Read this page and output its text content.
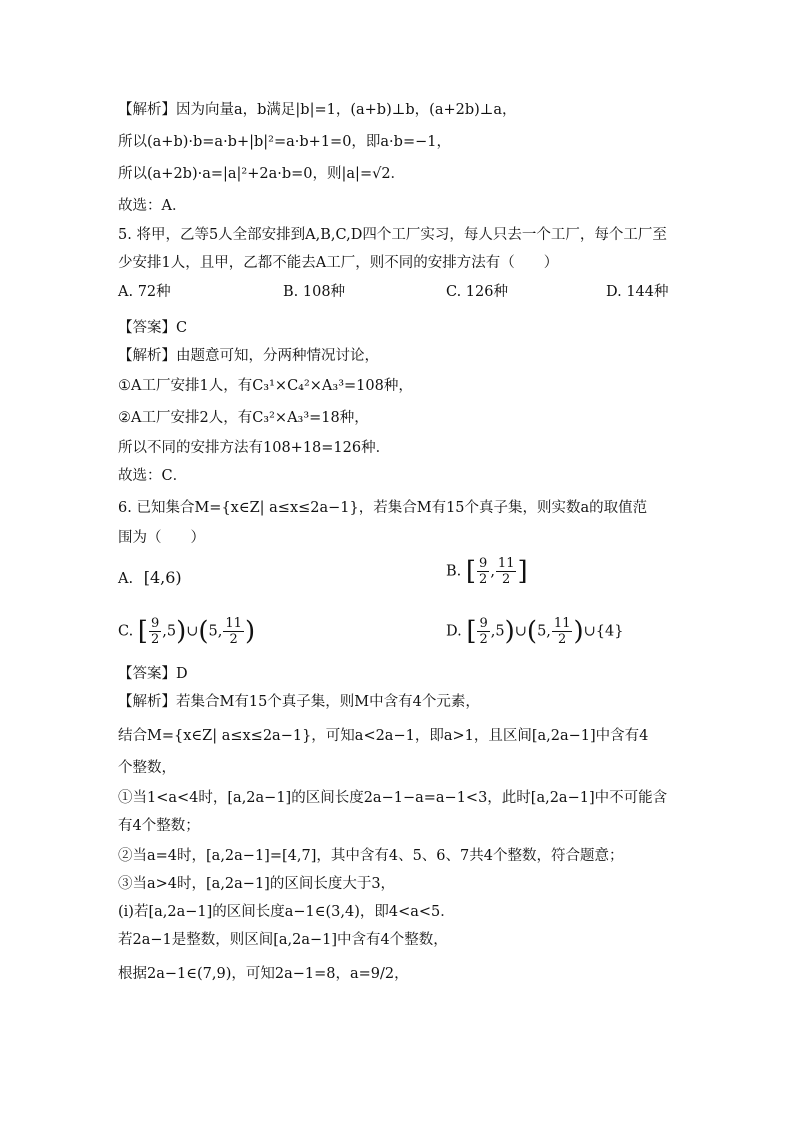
【解析】因为向量a，b满足|b|=1，(a+b)⊥b，(a+2b)⊥a，
所以(a+b)·b=a·b+|b|²=a·b+1=0，即a·b=−1，
所以(a+2b)·a=|a|²+2a·b=0，则|a|=√2．
故选：A．
5. 将甲，乙等5人全部安排到A,B,C,D四个工厂实习，每人只去一个工厂，每个工厂至
少安排1人，且甲，乙都不能去A工厂，则不同的安排方法有（　　）
A. 72种	B. 108种	C. 126种	D. 144种
【答案】C
【解析】由题意可知，分两种情况讨论，
①A工厂安排1人，有C₃¹×C₄²×A₃³=108种，
②A工厂安排2人，有C₃²×A₃³=18种，
所以不同的安排方法有108+18=126种．
故选：C．
6. 已知集合M={x∈Z| a≤x≤2a−1}，若集合M有15个真子集，则实数a的取值范
围为（　　）
A. [4,6)	B. [ $\frac{9}{2}$ , $\frac{11}{2}$ ]
C. [ $\frac{9}{2}$ ,5)∪(5, $\frac{11}{2}$ )	D. [ $\frac{9}{2}$ ,5)∪(5, $\frac{11}{2}$ )∪{4}
【答案】D
【解析】若集合M有15个真子集，则M中含有4个元素，
结合M={x∈Z| a≤x≤2a−1}，可知a<2a−1，即a>1，且区间[a,2a−1]中含有4
个整数，
①当1<a<4时，[a,2a−1]的区间长度2a−1−a=a−1<3，此时[a,2a−1]中不可能含
有4个整数；
②当a=4时，[a,2a−1]=[4,7]，其中含有4、5、6、7共4个整数，符合题意；
③当a>4时，[a,2a−1]的区间长度大于3，
(i)若[a,2a−1]的区间长度a−1∈(3,4)，即4<a<5．
若2a−1是整数，则区间[a,2a−1]中含有4个整数，
根据2a−1∈(7,9)，可知2a−1=8，a=9/2，
